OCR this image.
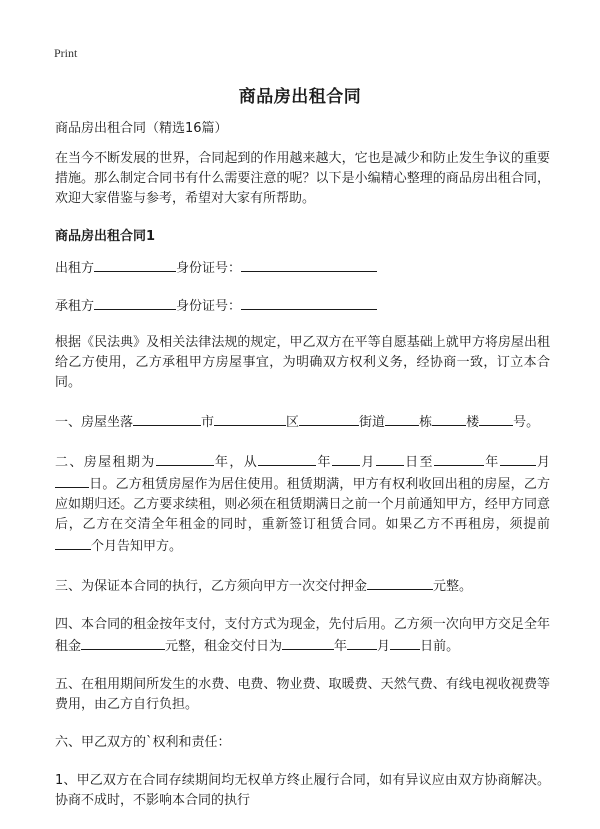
Print
商品房出租合同

商品房出租合同（精选16篇）

在当今不断发展的世界，合同起到的作用越来越大，它也是减少和防止发生争议的重要措施。那么制定合同书有什么需要注意的呢？以下是小编精心整理的商品房出租合同，欢迎大家借鉴与参考，希望对大家有所帮助。

商品房出租合同1

出租方	身份证号：

承租方	身份证号：

根据《民法典》及相关法律法规的规定，甲乙双方在平等自愿基础上就甲方将房屋出租给乙方使用，乙方承租甲方房屋事宜，为明确双方权利义务，经协商一致，订立本合同。

一、房屋坐落	市	区	街道	栋	楼	号。

二、房屋租期为	年，从	年 月 日至	年	月日。乙方租赁房屋作为居住使用。租赁期满，甲方有权利收回出租的房屋，乙方应如期归还。乙方要求续租，则必须在租赁期满日之前一个月前通知甲方，经甲方同意后，乙方在交清全年租金的同时，重新签订租赁合同。如果乙方不再租房，须提前个月告知甲方。

三、为保证本合同的执行，乙方须向甲方一次交付押金	元整。

四、本合同的租金按年支付，支付方式为现金，先付后用。乙方须一次向甲方交足全年租金	元整，租金交付日为	年 月 日前。

五、在租用期间所发生的水费、电费、物业费、取暖费、天然气费、有线电视收视费等费用，由乙方自行负担。

六、甲乙双方的`权利和责任：

1、甲乙双方在合同存续期间均无权单方终止履行合同，如有异议应由双方协商解决。协商不成时，不影响本合同的执行
